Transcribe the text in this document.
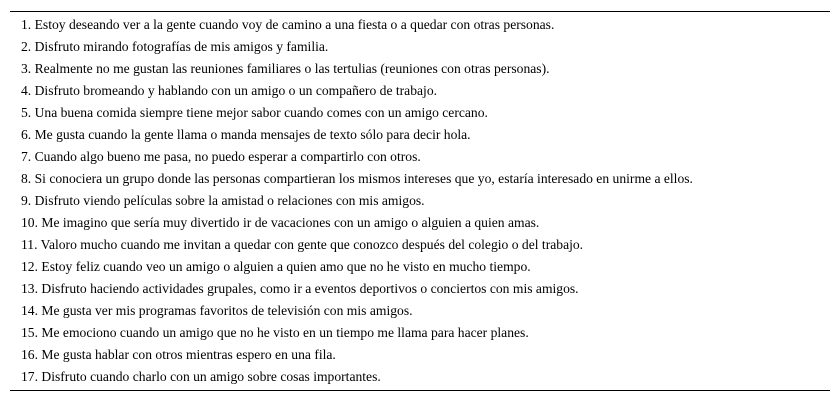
1. Estoy deseando ver a la gente cuando voy de camino a una fiesta o a quedar con otras personas.
2. Disfruto mirando fotografías de mis amigos y familia.
3. Realmente no me gustan las reuniones familiares o las tertulias (reuniones con otras personas).
4. Disfruto bromeando y hablando con un amigo o un compañero de trabajo.
5. Una buena comida siempre tiene mejor sabor cuando comes con un amigo cercano.
6. Me gusta cuando la gente llama o manda mensajes de texto sólo para decir hola.
7. Cuando algo bueno me pasa, no puedo esperar a compartirlo con otros.
8. Si conociera un grupo donde las personas compartieran los mismos intereses que yo, estaría interesado en unirme a ellos.
9. Disfruto viendo películas sobre la amistad o relaciones con mis amigos.
10. Me imagino que sería muy divertido ir de vacaciones con un amigo o alguien a quien amas.
11. Valoro mucho cuando me invitan a quedar con gente que conozco después del colegio o del trabajo.
12. Estoy feliz cuando veo un amigo o alguien a quien amo que no he visto en mucho tiempo.
13. Disfruto haciendo actividades grupales, como ir a eventos deportivos o conciertos con mis amigos.
14. Me gusta ver mis programas favoritos de televisión con mis amigos.
15. Me emociono cuando un amigo que no he visto en un tiempo me llama para hacer planes.
16. Me gusta hablar con otros mientras espero en una fila.
17. Disfruto cuando charlo con un amigo sobre cosas importantes.
